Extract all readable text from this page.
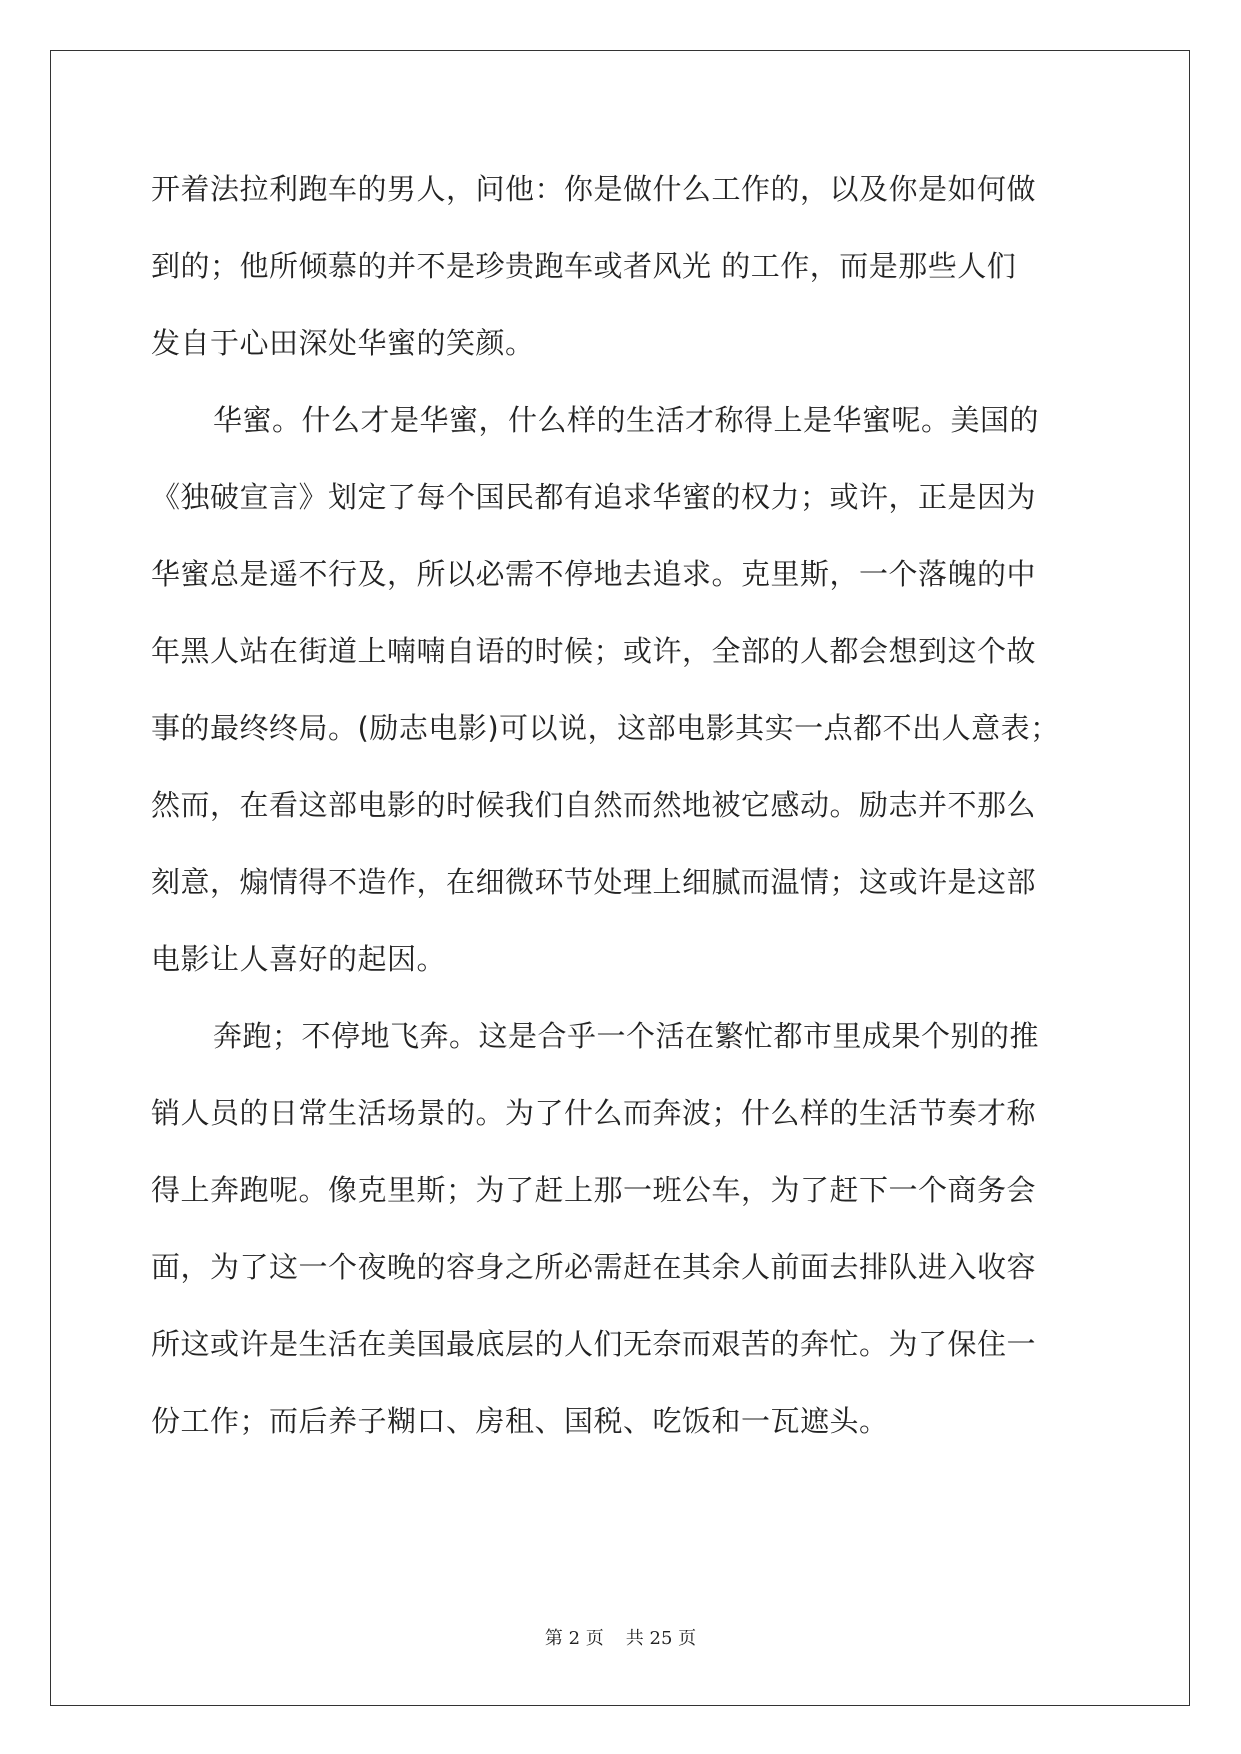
开着法拉利跑车的男人，问他：你是做什么工作的，以及你是如何做
到的；他所倾慕的并不是珍贵跑车或者风光 的工作，而是那些人们
发自于心田深处华蜜的笑颜。
华蜜。什么才是华蜜，什么样的生活才称得上是华蜜呢。美国的
《独破宣言》划定了每个国民都有追求华蜜的权力；或许，正是因为
华蜜总是遥不行及，所以必需不停地去追求。克里斯，一个落魄的中
年黑人站在街道上喃喃自语的时候；或许，全部的人都会想到这个故
事的最终终局。(励志电影)可以说，这部电影其实一点都不出人意表；
然而，在看这部电影的时候我们自然而然地被它感动。励志并不那么
刻意，煽情得不造作，在细微环节处理上细腻而温情；这或许是这部
电影让人喜好的起因。
奔跑；不停地飞奔。这是合乎一个活在繁忙都市里成果个别的推
销人员的日常生活场景的。为了什么而奔波；什么样的生活节奏才称
得上奔跑呢。像克里斯；为了赶上那一班公车，为了赶下一个商务会
面，为了这一个夜晚的容身之所必需赶在其余人前面去排队进入收容
所这或许是生活在美国最底层的人们无奈而艰苦的奔忙。为了保住一
份工作；而后养子糊口、房租、国税、吃饭和一瓦遮头。

第 2 页 共 25 页
